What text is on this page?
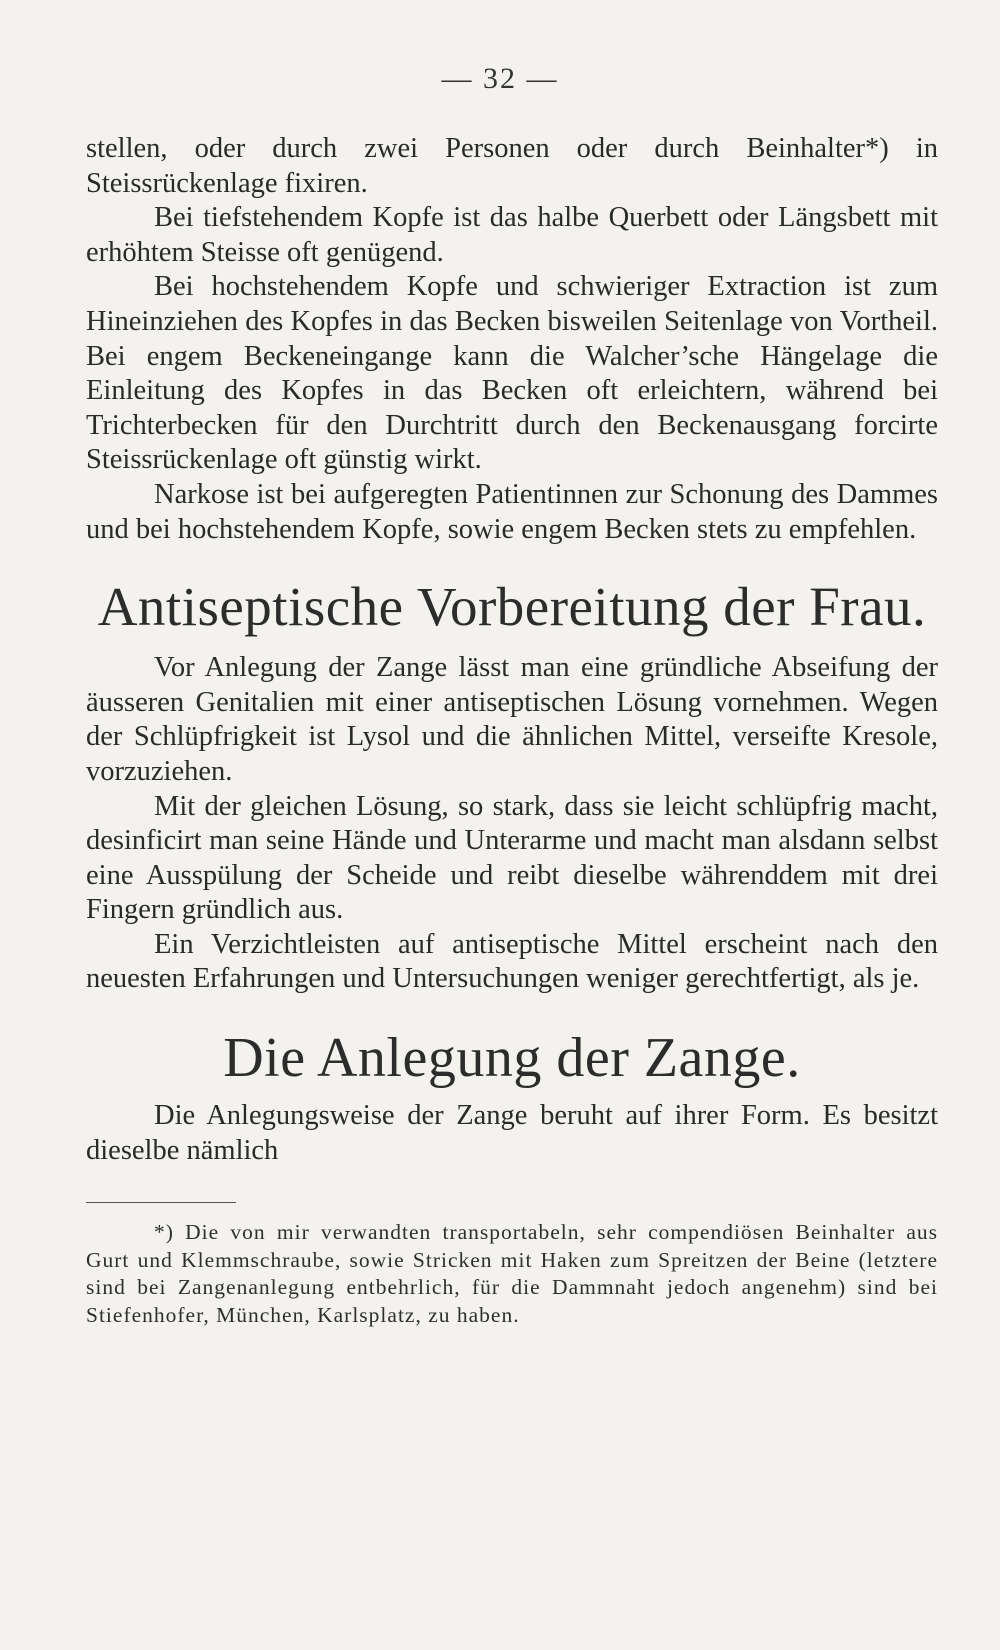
— 32 —

stellen, oder durch zwei Personen oder durch Beinhalter*) in Steissrückenlage fixiren.

Bei tiefstehendem Kopfe ist das halbe Querbett oder Längsbett mit erhöhtem Steisse oft genügend.

Bei hochstehendem Kopfe und schwieriger Extraction ist zum Hineinziehen des Kopfes in das Becken bisweilen Seitenlage von Vortheil. Bei engem Beckeneingange kann die Walcher’sche Hängelage die Einleitung des Kopfes in das Becken oft erleichtern, während bei Trichterbecken für den Durchtritt durch den Beckenausgang forcirte Steissrückenlage oft günstig wirkt.

Narkose ist bei aufgeregten Patientinnen zur Schonung des Dammes und bei hochstehendem Kopfe, sowie engem Becken stets zu empfehlen.

Antiseptische Vorbereitung der Frau.

Vor Anlegung der Zange lässt man eine gründliche Abseifung der äusseren Genitalien mit einer antiseptischen Lösung vornehmen. Wegen der Schlüpfrigkeit ist Lysol und die ähnlichen Mittel, verseifte Kresole, vorzuziehen.

Mit der gleichen Lösung, so stark, dass sie leicht schlüpfrig macht, desinficirt man seine Hände und Unterarme und macht man alsdann selbst eine Ausspülung der Scheide und reibt dieselbe währenddem mit drei Fingern gründlich aus.

Ein Verzichtleisten auf antiseptische Mittel erscheint nach den neuesten Erfahrungen und Untersuchungen weniger gerechtfertigt, als je.

Die Anlegung der Zange.

Die Anlegungsweise der Zange beruht auf ihrer Form. Es besitzt dieselbe nämlich

*) Die von mir verwandten transportabeln, sehr compendiösen Beinhalter aus Gurt und Klemmschraube, sowie Stricken mit Haken zum Spreitzen der Beine (letztere sind bei Zangenanlegung entbehrlich, für die Dammnaht jedoch angenehm) sind bei Stiefenhofer, München, Karlsplatz, zu haben.
